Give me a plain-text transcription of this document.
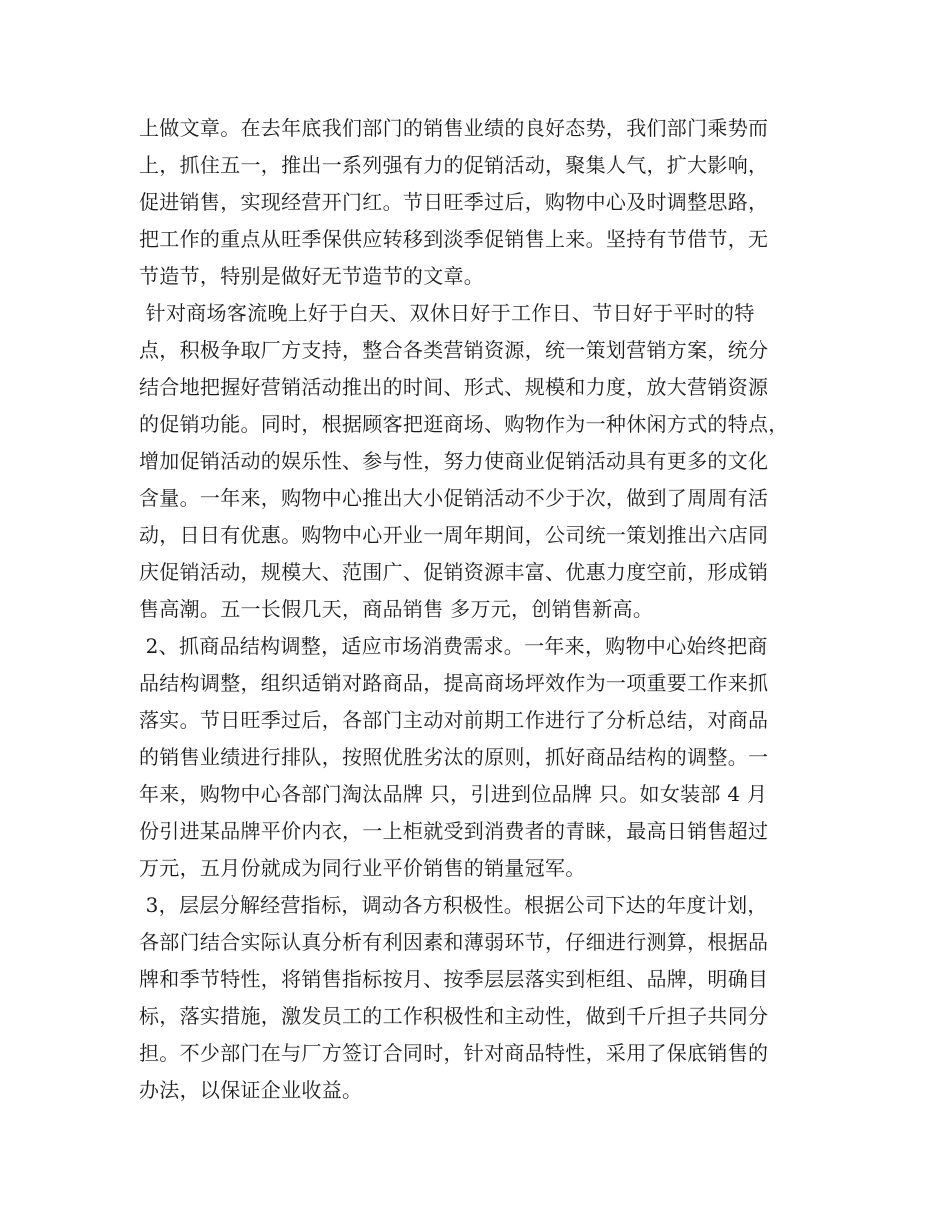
上做文章。在去年底我们部门的销售业绩的良好态势，我们部门乘势而
上，抓住五一，推出一系列强有力的促销活动，聚集人气，扩大影响，
促进销售，实现经营开门红。节日旺季过后，购物中心及时调整思路，
把工作的重点从旺季保供应转移到淡季促销售上来。坚持有节借节，无
节造节，特别是做好无节造节的文章。
针对商场客流晚上好于白天、双休日好于工作日、节日好于平时的特
点，积极争取厂方支持，整合各类营销资源，统一策划营销方案，统分
结合地把握好营销活动推出的时间、形式、规模和力度，放大营销资源
的促销功能。同时，根据顾客把逛商场、购物作为一种休闲方式的特点，
增加促销活动的娱乐性、参与性，努力使商业促销活动具有更多的文化
含量。一年来，购物中心推出大小促销活动不少于次，做到了周周有活
动，日日有优惠。购物中心开业一周年期间，公司统一策划推出六店同
庆促销活动，规模大、范围广、促销资源丰富、优惠力度空前，形成销
售高潮。五一长假几天，商品销售 多万元，创销售新高。
2、抓商品结构调整，适应市场消费需求。一年来，购物中心始终把商
品结构调整，组织适销对路商品，提高商场坪效作为一项重要工作来抓
落实。节日旺季过后，各部门主动对前期工作进行了分析总结，对商品
的销售业绩进行排队，按照优胜劣汰的原则，抓好商品结构的调整。一
年来，购物中心各部门淘汰品牌 只，引进到位品牌 只。如女装部 4 月
份引进某品牌平价内衣，一上柜就受到消费者的青睐，最高日销售超过
万元，五月份就成为同行业平价销售的销量冠军。
3，层层分解经营指标，调动各方积极性。根据公司下达的年度计划，
各部门结合实际认真分析有利因素和薄弱环节，仔细进行测算，根据品
牌和季节特性，将销售指标按月、按季层层落实到柜组、品牌，明确目
标，落实措施，激发员工的工作积极性和主动性，做到千斤担子共同分
担。不少部门在与厂方签订合同时，针对商品特性，采用了保底销售的
办法，以保证企业收益。
